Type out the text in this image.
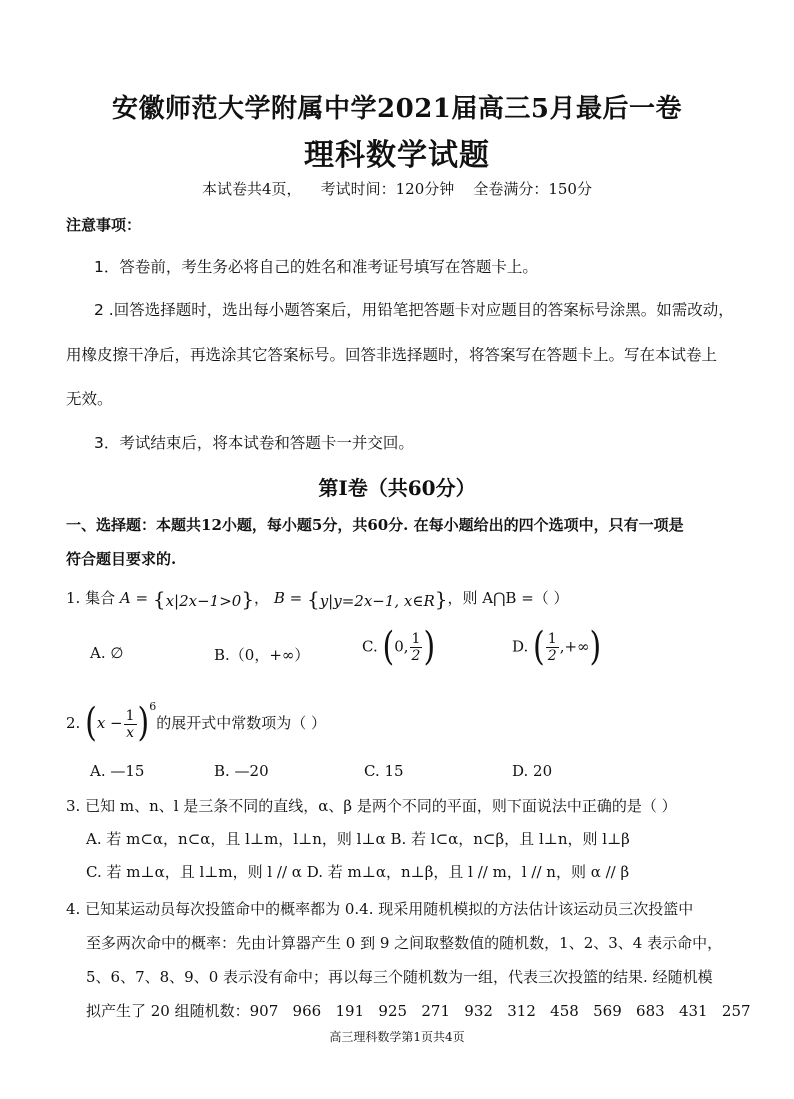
安徽师范大学附属中学2021届高三5月最后一卷
理科数学试题
本试卷共4页，    考试时间：120分钟    全卷满分：150分
注意事项：
1．答卷前，考生务必将自己的姓名和准考证号填写在答题卡上。
2 .回答选择题时，选出每小题答案后，用铅笔把答题卡对应题目的答案标号涂黑。如需改动，
用橡皮擦干净后，再选涂其它答案标号。回答非选择题时，将答案写在答题卡上。写在本试卷上
无效。
3．考试结束后，将本试卷和答题卡一并交回。
第Ⅰ卷（共60分）
一、选择题：本题共12小题，每小题5分，共60分. 在每小题给出的四个选项中，只有一项是
符合题目要求的.
1. 集合 A = {x|2x−1>0}， B = {y|y=2x−1, x∈R}，则 A⋂B =（ ）
A. ∅	B.（0，+∞）	C. (0, $\frac{1}{2}$ )	D. ( $\frac{1}{2}$ ,+∞)
2. $(x - \frac{1}{x} )^6$的展开式中常数项为（ ）
A. —15	B. —20	C. 15	D. 20
3. 已知 m、n、l 是三条不同的直线，α、β 是两个不同的平面，则下面说法中正确的是（ ）
A. 若 m⊂α，n⊂α，且 l⊥m，l⊥n，则 l⊥α B. 若 l⊂α，n⊂β，且 l⊥n，则 l⊥β
C. 若 m⊥α，且 l⊥m，则 l // α D. 若 m⊥α，n⊥β，且 l // m，l // n，则 α // β
4. 已知某运动员每次投篮命中的概率都为 0.4. 现采用随机模拟的方法估计该运动员三次投篮中
至多两次命中的概率：先由计算器产生 0 到 9 之间取整数值的随机数，1、2、3、4 表示命中，
5、6、7、8、9、0 表示没有命中；再以每三个随机数为一组，代表三次投篮的结果. 经随机模
拟产生了 20 组随机数：907   966   191   925   271   932   312   458   569   683   431   257
高三理科数学第1页共4页
